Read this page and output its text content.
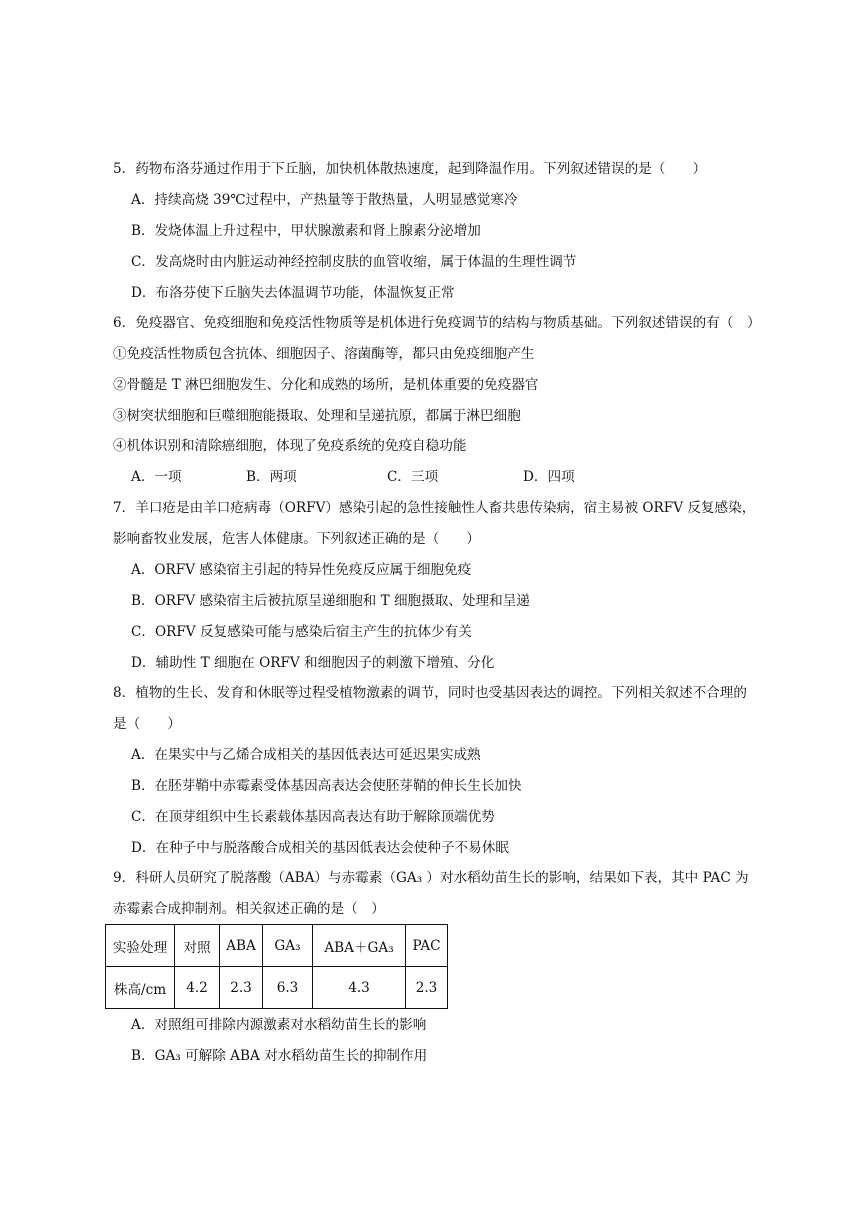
5．药物布洛芬通过作用于下丘脑，加快机体散热速度，起到降温作用。下列叙述错误的是（　　）
A．持续高烧 39℃过程中，产热量等于散热量，人明显感觉寒冷
B．发烧体温上升过程中，甲状腺激素和肾上腺素分泌增加
C．发高烧时由内脏运动神经控制皮肤的血管收缩，属于体温的生理性调节
D．布洛芬使下丘脑失去体温调节功能，体温恢复正常
6．免疫器官、免疫细胞和免疫活性物质等是机体进行免疫调节的结构与物质基础。下列叙述错误的有（　）
①免疫活性物质包含抗体、细胞因子、溶菌酶等，都只由免疫细胞产生
②骨髓是 T 淋巴细胞发生、分化和成熟的场所，是机体重要的免疫器官
③树突状细胞和巨噬细胞能摄取、处理和呈递抗原，都属于淋巴细胞
④机体识别和清除癌细胞，体现了免疫系统的免疫自稳功能
A．一项	B．两项	C．三项	D．四项
7．羊口疮是由羊口疮病毒（ORFV）感染引起的急性接触性人畜共患传染病，宿主易被 ORFV 反复感染，
影响畜牧业发展，危害人体健康。下列叙述正确的是（　　）
A．ORFV 感染宿主引起的特异性免疫反应属于细胞免疫
B．ORFV 感染宿主后被抗原呈递细胞和 T 细胞摄取、处理和呈递
C．ORFV 反复感染可能与感染后宿主产生的抗体少有关
D．辅助性 T 细胞在 ORFV 和细胞因子的刺激下增殖、分化
8．植物的生长、发育和休眠等过程受植物激素的调节，同时也受基因表达的调控。下列相关叙述不合理的
是（　　）
A．在果实中与乙烯合成相关的基因低表达可延迟果实成熟
B．在胚芽鞘中赤霉素受体基因高表达会使胚芽鞘的伸长生长加快
C．在顶芽组织中生长素载体基因高表达有助于解除顶端优势
D．在种子中与脱落酸合成相关的基因低表达会使种子不易休眠
9．科研人员研究了脱落酸（ABA）与赤霉素（GA₃ ）对水稻幼苗生长的影响，结果如下表，其中 PAC 为
赤霉素合成抑制剂。相关叙述正确的是（　）
实验处理	对照	ABA	GA₃	ABA＋GA₃	PAC
株高/cm	4.2	2.3	6.3	4.3	2.3
A．对照组可排除内源激素对水稻幼苗生长的影响
B．GA₃ 可解除 ABA 对水稻幼苗生长的抑制作用
